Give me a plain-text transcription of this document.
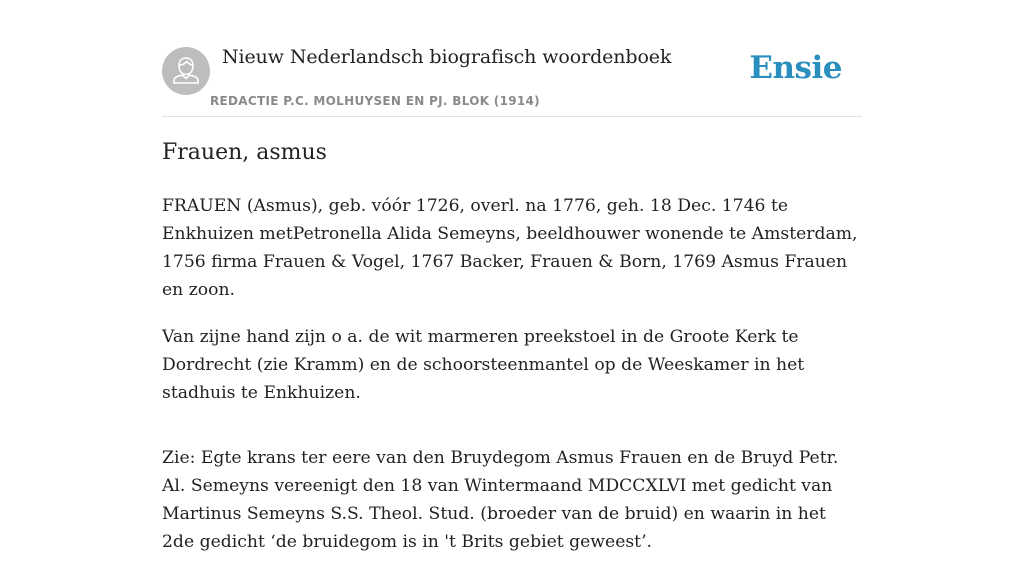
Nieuw Nederlandsch biografisch woordenboek
REDACTIE P.C. MOLHUYSEN EN PJ. BLOK (1914)
Ensie
Frauen, asmus

FRAUEN (Asmus), geb. vóór 1726, overl. na 1776, geh. 18 Dec. 1746 te Enkhuizen metPetronella Alida Semeyns, beeldhouwer wonende te Amsterdam, 1756 firma Frauen & Vogel, 1767 Backer, Frauen & Born, 1769 Asmus Frauen en zoon.

Van zijne hand zijn o a. de wit marmeren preekstoel in de Groote Kerk te Dordrecht (zie Kramm) en de schoorsteenmantel op de Weeskamer in het stadhuis te Enkhuizen.

Zie: Egte krans ter eere van den Bruydegom Asmus Frauen en de Bruyd Petr. Al. Semeyns vereenigt den 18 van Wintermaand MDCCXLVI met gedicht van Martinus Semeyns S.S. Theol. Stud. (broeder van de bruid) en waarin in het 2de gedicht ‘de bruidegom is in 't Brits gebiet geweest’.
